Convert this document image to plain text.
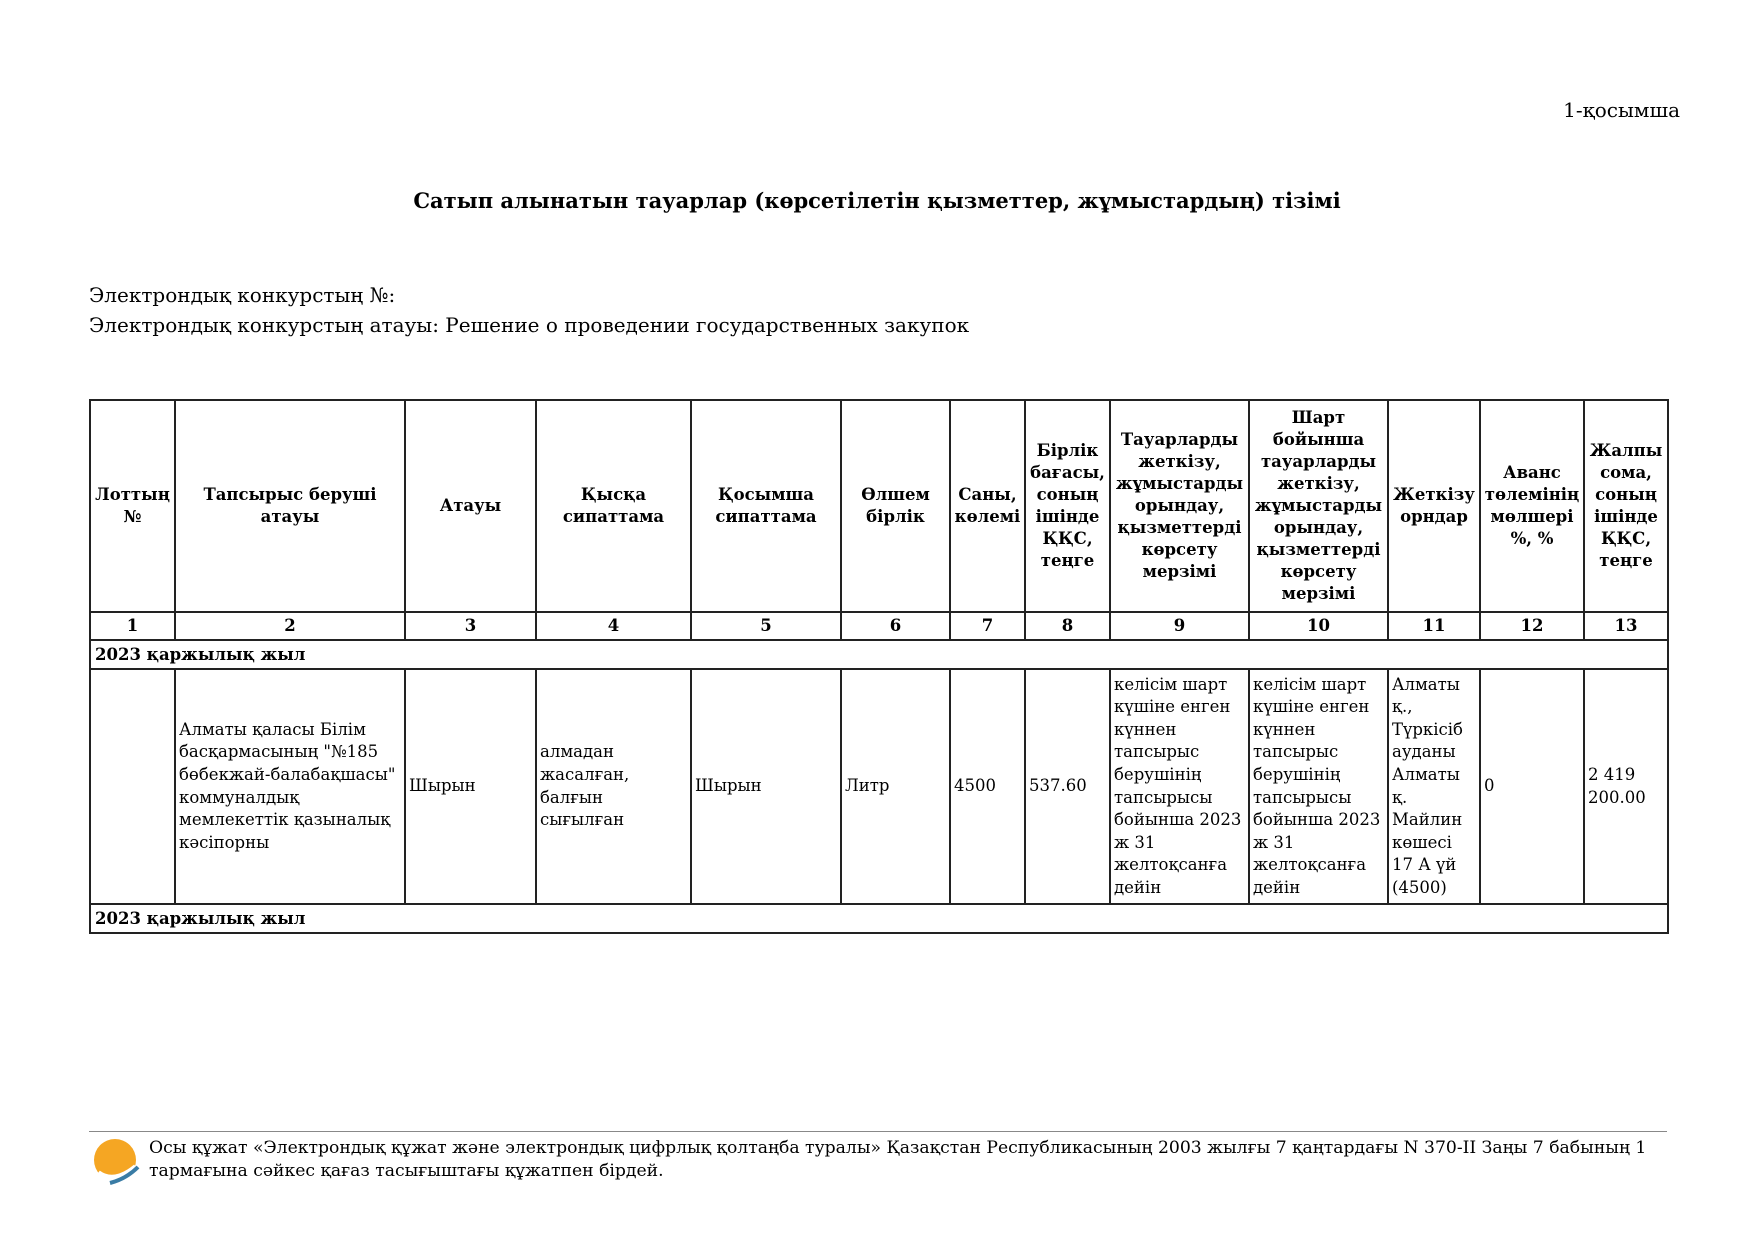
1-қосымша
Сатып алынатын тауарлар (көрсетілетін қызметтер, жұмыстардың) тізімі
Электрондық конкурстың №:
Электрондық конкурстың атауы: Решение о проведении государственных закупок
Лоттың №	Тапсырыс беруші атауы	Атауы	Қысқа сипаттама	Қосымша сипаттама	Өлшем бірлік	Саны, көлемі	Бірлік бағасы, соның ішінде ҚҚС, теңге	Тауарларды жеткізу, жұмыстарды орындау, қызметтерді көрсету мерзімі	Шарт бойынша тауарларды жеткізу, жұмыстарды орындау, қызметтерді көрсету мерзімі	Жеткізу орндар	Аванс төлемінің мөлшері %, %	Жалпы сома, соның ішінде ҚҚС, теңге
1	2	3	4	5	6	7	8	9	10	11	12	13
2023 қаржылық жыл												
	Алматы қаласы Білім басқармасының "№185 бөбекжай-балабақшасы" коммуналдық мемлекеттік қазыналық кәсіпорны	Шырын	алмадан жасалған, балғын сығылған	Шырын	Литр	4500	537.60	келісім шарт күшіне енген күннен тапсырыс берушінің тапсырысы бойынша 2023 ж 31 желтоқсанға дейін	келісім шарт күшіне енген күннен тапсырыс берушінің тапсырысы бойынша 2023 ж 31 желтоқсанға дейін	Алматы қ., Түркісіб ауданы Алматы қ. Майлин көшесі 17 А үй (4500)	0	2 419 200.00
2023 қаржылық жыл												
Осы құжат «Электрондық құжат және электрондық цифрлық қолтаңба туралы» Қазақстан Республикасының 2003 жылғы 7 қаңтардағы N 370-II Заңы 7 бабының 1 тармағына сәйкес қағаз тасығыштағы құжатпен бірдей.
